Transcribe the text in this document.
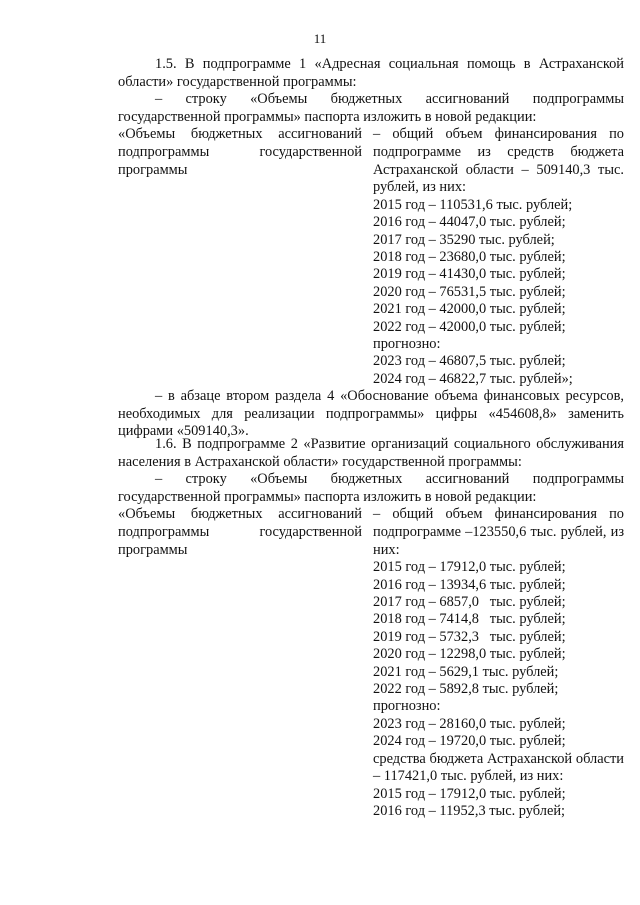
11

1.5. В подпрограмме 1 «Адресная социальная помощь в Астраханской области» государственной программы:

– строку «Объемы бюджетных ассигнований подпрограммы государственной программы» паспорта изложить в новой редакции:

«Объемы бюджетных ассигнований подпрограммы государственной программы

– общий объем финансирования по подпрограмме из средств бюджета Астраханской области – 509140,3 тыс. рублей, из них:

2015 год – 110531,6 тыс. рублей;

2016 год – 44047,0 тыс. рублей;

2017 год – 35290 тыс. рублей;

2018 год – 23680,0 тыс. рублей;

2019 год – 41430,0 тыс. рублей;

2020 год – 76531,5 тыс. рублей;

2021 год – 42000,0 тыс. рублей;

2022 год – 42000,0 тыс. рублей;

прогнозно:

2023 год – 46807,5 тыс. рублей;

2024 год – 46822,7 тыс. рублей»;

– в абзаце втором раздела 4 «Обоснование объема финансовых ресурсов, необходимых для реализации подпрограммы» цифры «454608,8» заменить цифрами «509140,3».

1.6. В подпрограмме 2 «Развитие организаций социального обслуживания населения в Астраханской области» государственной программы:

– строку «Объемы бюджетных ассигнований подпрограммы государственной программы» паспорта изложить в новой редакции:

«Объемы бюджетных ассигнований подпрограммы государственной программы

– общий объем финансирования по подпрограмме –123550,6 тыс. рублей, из них:

2015 год – 17912,0 тыс. рублей;

2016 год – 13934,6 тыс. рублей;

2017 год – 6857,0   тыс. рублей;

2018 год – 7414,8   тыс. рублей;

2019 год – 5732,3   тыс. рублей;

2020 год – 12298,0 тыс. рублей;

2021 год – 5629,1 тыс. рублей;

2022 год – 5892,8 тыс. рублей;

прогнозно:

2023 год – 28160,0 тыс. рублей;

2024 год – 19720,0 тыс. рублей;

средства бюджета Астраханской области – 117421,0 тыс. рублей, из них:

2015 год – 17912,0 тыс. рублей;

2016 год – 11952,3 тыс. рублей;
